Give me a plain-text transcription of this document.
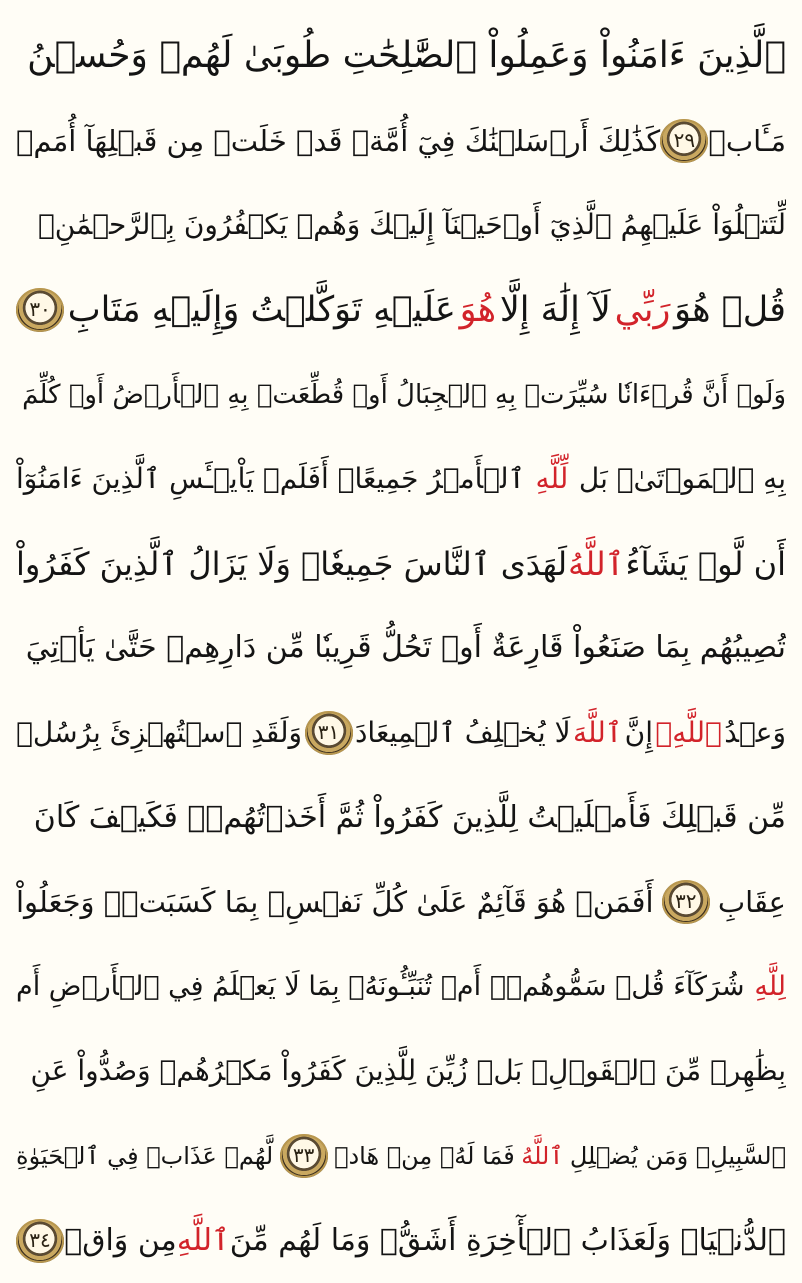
ٱلَّذِينَ ءَامَنُواْ وَعَمِلُواْ ٱلصَّٰلِحَٰتِ طُوبَىٰ لَهُمۡ وَحُسۡنُ
مَـَٔابٖ
٢٩
كَذَٰلِكَ أَرۡسَلۡنَٰكَ فِيٓ أُمَّةٖ قَدۡ خَلَتۡ مِن قَبۡلِهَآ أُمَمٞ
لِّتَتۡلُوَاْ عَلَيۡهِمُ ٱلَّذِيٓ أَوۡحَيۡنَآ إِلَيۡكَ وَهُمۡ يَكۡفُرُونَ بِٱلرَّحۡمَٰنِۚ
قُلۡ هُوَ
رَبِّي
لَآ إِلَٰهَ إِلَّا
هُوَ
عَلَيۡهِ تَوَكَّلۡتُ وَإِلَيۡهِ مَتَابِ
٣٠
وَلَوۡ أَنَّ قُرۡءَانٗا سُيِّرَتۡ بِهِ ٱلۡجِبَالُ أَوۡ قُطِّعَتۡ بِهِ ٱلۡأَرۡضُ أَوۡ كُلِّمَ
بِهِ ٱلۡمَوۡتَىٰۗ بَل
لِّلَّهِ
ٱلۡأَمۡرُ جَمِيعًاۗ أَفَلَمۡ يَاْيۡـَٔسِ ٱلَّذِينَ ءَامَنُوٓاْ
أَن لَّوۡ يَشَآءُ
ٱللَّهُ
لَهَدَى ٱلنَّاسَ جَمِيعٗاۗ وَلَا يَزَالُ ٱلَّذِينَ كَفَرُواْ
تُصِيبُهُم بِمَا صَنَعُواْ قَارِعَةٌ أَوۡ تَحُلُّ قَرِيبٗا مِّن دَارِهِمۡ حَتَّىٰ يَأۡتِيَ
وَعۡدُ
ٱللَّهِۚ
إِنَّ
ٱللَّهَ
لَا يُخۡلِفُ ٱلۡمِيعَادَ
٣١
وَلَقَدِ ٱسۡتُهۡزِئَ بِرُسُلٖ
مِّن قَبۡلِكَ فَأَمۡلَيۡتُ لِلَّذِينَ كَفَرُواْ ثُمَّ أَخَذۡتُهُمۡۖ فَكَيۡفَ كَانَ
عِقَابِ
٣٢
أَفَمَنۡ هُوَ قَآئِمٌ عَلَىٰ كُلِّ نَفۡسِۢ بِمَا كَسَبَتۡۗ وَجَعَلُواْ
لِلَّهِ
شُرَكَآءَ قُلۡ سَمُّوهُمۡۚ أَمۡ تُنَبِّـُٔونَهُۥ بِمَا لَا يَعۡلَمُ فِي ٱلۡأَرۡضِ أَم
بِظَٰهِرٖ مِّنَ ٱلۡقَوۡلِۗ بَلۡ زُيِّنَ لِلَّذِينَ كَفَرُواْ مَكۡرُهُمۡ وَصُدُّواْ عَنِ
ٱلسَّبِيلِۗ وَمَن يُضۡلِلِ
ٱللَّهُ
فَمَا لَهُۥ مِنۡ هَادٖ
٣٣
لَّهُمۡ عَذَابٞ فِي ٱلۡحَيَوٰةِ
ٱلدُّنۡيَاۖ وَلَعَذَابُ ٱلۡأٓخِرَةِ أَشَقُّۖ وَمَا لَهُم مِّنَ
ٱللَّهِ
مِن وَاقٖ
٣٤
